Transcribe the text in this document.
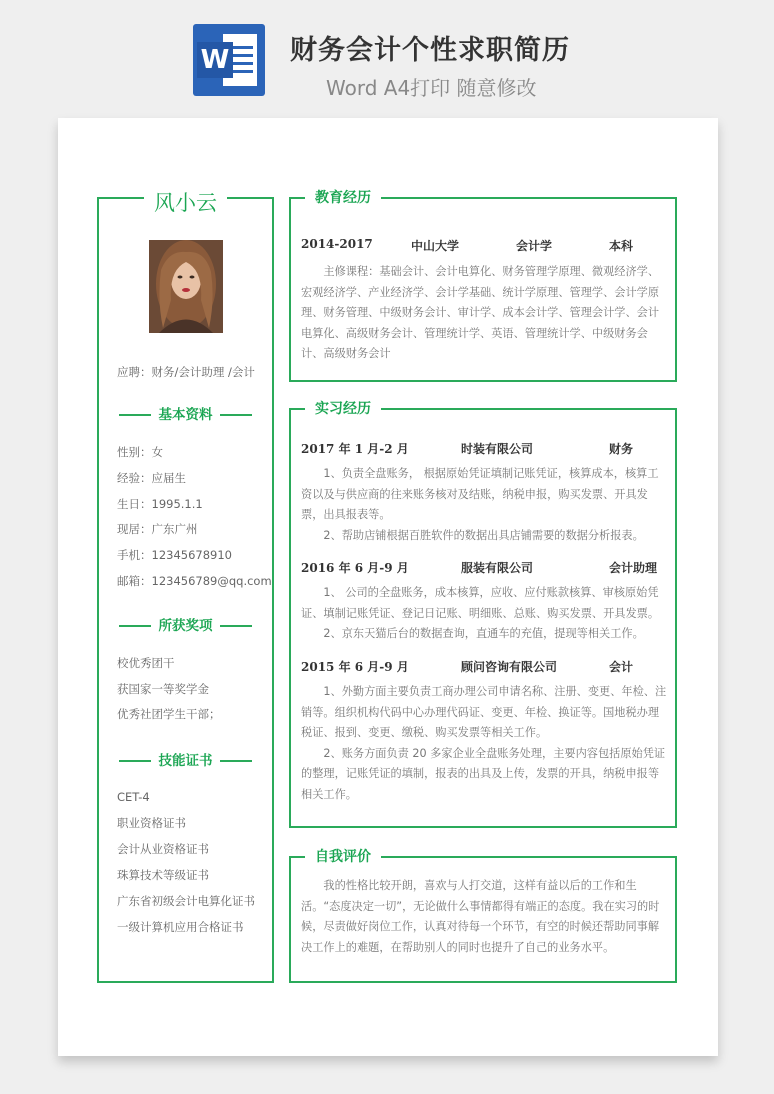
W 财务会计个性求职简历
Word A4打印 随意修改
风小云
应聘：财务/会计助理 /会计
基本资料
性别：女
经验：应届生
生日：1995.1.1
现居：广东广州
手机：12345678910
邮箱：123456789@qq.com
所获奖项
校优秀团干
获国家一等奖学金
优秀社团学生干部；
技能证书
CET-4
职业资格证书
会计从业资格证书
珠算技术等级证书
广东省初级会计电算化证书
一级计算机应用合格证书
教育经历
2014-2017	中山大学	会计学	本科

主修课程：基础会计、会计电算化、财务管理学原理、微观经济学、宏观经济学、产业经济学、会计学基础、统计学原理、管理学、会计学原理、财务管理、中级财务会计、审计学、成本会计学、管理会计学、会计电算化、高级财务会计、管理统计学、英语、管理统计学、中级财务会计、高级财务会计

实习经历
2017 年 1 月-2 月	时装有限公司	财务

1、负责全盘账务， 根据原始凭证填制记账凭证，核算成本，核算工资以及与供应商的往来账务核对及结账，纳税申报，购买发票、开具发票，出具报表等。

2、帮助店铺根据百胜软件的数据出具店铺需要的数据分析报表。

2016 年 6 月-9 月	服装有限公司	会计助理

1、 公司的全盘账务，成本核算，应收、应付账款核算、审核原始凭证、填制记账凭证、登记日记账、明细账、总账、购买发票、开具发票。

2、京东天猫后台的数据查询，直通车的充值，提现等相关工作。

2015 年 6 月-9 月	顾问咨询有限公司	会计

1、外勤方面主要负责工商办理公司申请名称、注册、变更、年检、注销等。组织机构代码中心办理代码证、变更、年检、换证等。国地税办理税证、报到、变更、缴税、购买发票等相关工作。

2、账务方面负责 20 多家企业全盘账务处理，主要内容包括原始凭证的整理，记账凭证的填制，报表的出具及上传，发票的开具，纳税申报等相关工作。

自我评价

我的性格比较开朗，喜欢与人打交道，这样有益以后的工作和生活。“态度决定一切”，无论做什么事情都得有端正的态度。我在实习的时候，尽责做好岗位工作，认真对待每一个环节，有空的时候还帮助同事解决工作上的难题，在帮助别人的同时也提升了自己的业务水平。
